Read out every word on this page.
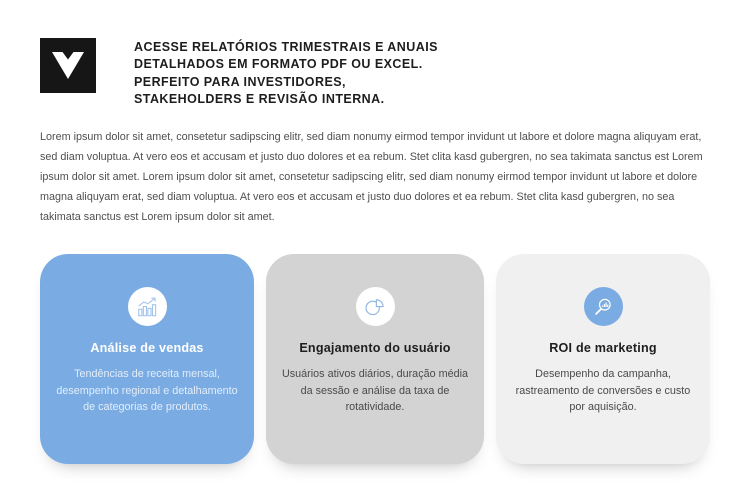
ACESSE RELATÓRIOS TRIMESTRAIS E ANUAIS
DETALHADOS EM FORMATO PDF OU EXCEL.
PERFEITO PARA INVESTIDORES,
STAKEHOLDERS E REVISÃO INTERNA.

Lorem ipsum dolor sit amet, consetetur sadipscing elitr, sed diam nonumy eirmod tempor invidunt ut labore et dolore magna aliquyam erat, sed diam voluptua. At vero eos et accusam et justo duo dolores et ea rebum. Stet clita kasd gubergren, no sea takimata sanctus est Lorem ipsum dolor sit amet. Lorem ipsum dolor sit amet, consetetur sadipscing elitr, sed diam nonumy eirmod tempor invidunt ut labore et dolore magna aliquyam erat, sed diam voluptua. At vero eos et accusam et justo duo dolores et ea rebum. Stet clita kasd gubergren, no sea takimata sanctus est Lorem ipsum dolor sit amet.

Análise de vendas
Tendências de receita mensal, desempenho regional e detalhamento de categorias de produtos.
Engajamento do usuário
Usuários ativos diários, duração média da sessão e análise da taxa de rotatividade.
ROI de marketing
Desempenho da campanha, rastreamento de conversões e custo por aquisição.
